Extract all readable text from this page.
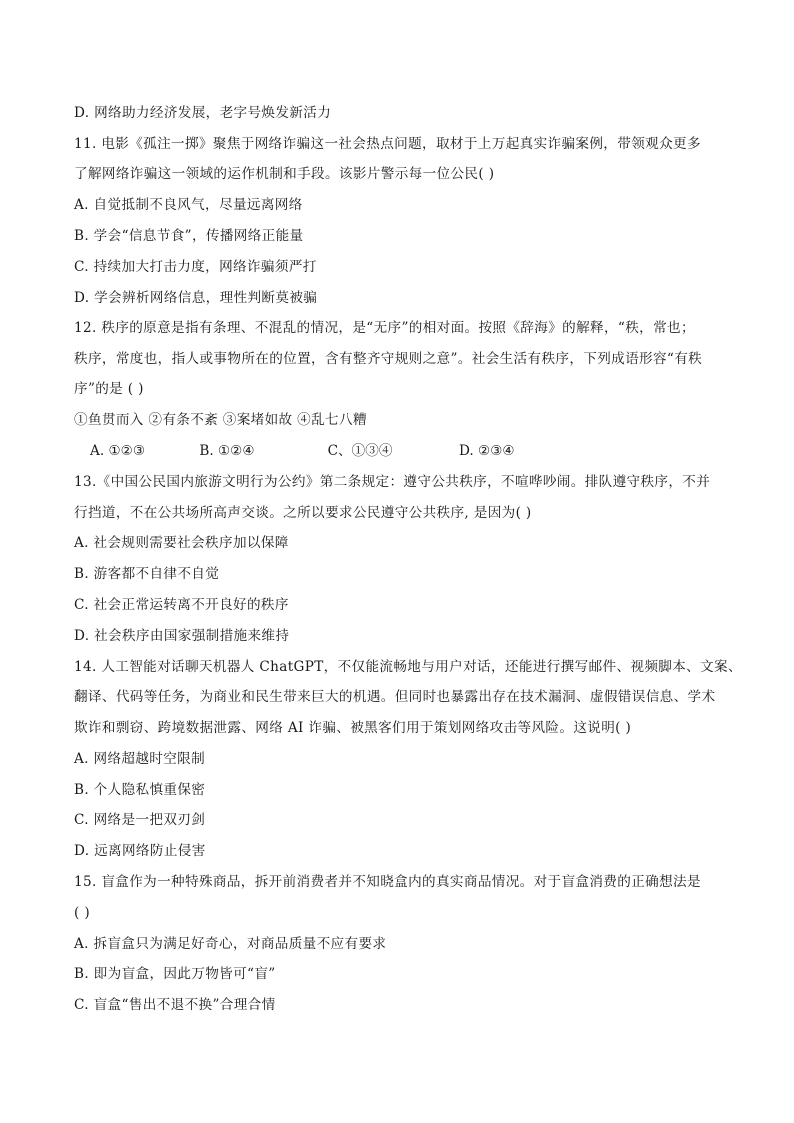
D. 网络助力经济发展，老字号焕发新活力
11. 电影《孤注一掷》聚焦于网络诈骗这一社会热点问题，取材于上万起真实诈骗案例，带领观众更多
了解网络诈骗这一领域的运作机制和手段。该影片警示每一位公民( )
A. 自觉抵制不良风气，尽量远离网络
B. 学会“信息节食”，传播网络正能量
C. 持续加大打击力度，网络诈骗须严打
D. 学会辨析网络信息，理性判断莫被骗
12. 秩序的原意是指有条理、不混乱的情况，是“无序”的相对面。按照《辞海》的解释，“秩，常也；
秩序，常度也，指人或事物所在的位置，含有整齐守规则之意”。社会生活有秩序，下列成语形容“有秩
序”的是 ( )
①鱼贯而入 ②有条不紊 ③案堵如故 ④乱七八糟
A. ①②③	B. ①②④	C、①③④	D. ②③④
13.《中国公民国内旅游文明行为公约》第二条规定：遵守公共秩序，不喧哗吵闹。排队遵守秩序，不并
行挡道，不在公共场所高声交谈。之所以要求公民遵守公共秩序, 是因为( )
A. 社会规则需要社会秩序加以保障
B. 游客都不自律不自觉
C. 社会正常运转离不开良好的秩序
D. 社会秩序由国家强制措施来维持
14. 人工智能对话聊天机器人 ChatGPT，不仅能流畅地与用户对话，还能进行撰写邮件、视频脚本、文案、
翻译、代码等任务，为商业和民生带来巨大的机遇。但同时也暴露出存在技术漏洞、虚假错误信息、学术
欺诈和剽窃、跨境数据泄露、网络 AI 诈骗、被黑客们用于策划网络攻击等风险。这说明( )
A. 网络超越时空限制
B. 个人隐私慎重保密
C. 网络是一把双刃剑
D. 远离网络防止侵害
15. 盲盒作为一种特殊商品，拆开前消费者并不知晓盒内的真实商品情况。对于盲盒消费的正确想法是
( )
A. 拆盲盒只为满足好奇心，对商品质量不应有要求
B. 即为盲盒，因此万物皆可“盲”
C. 盲盒“售出不退不换”合理合情
